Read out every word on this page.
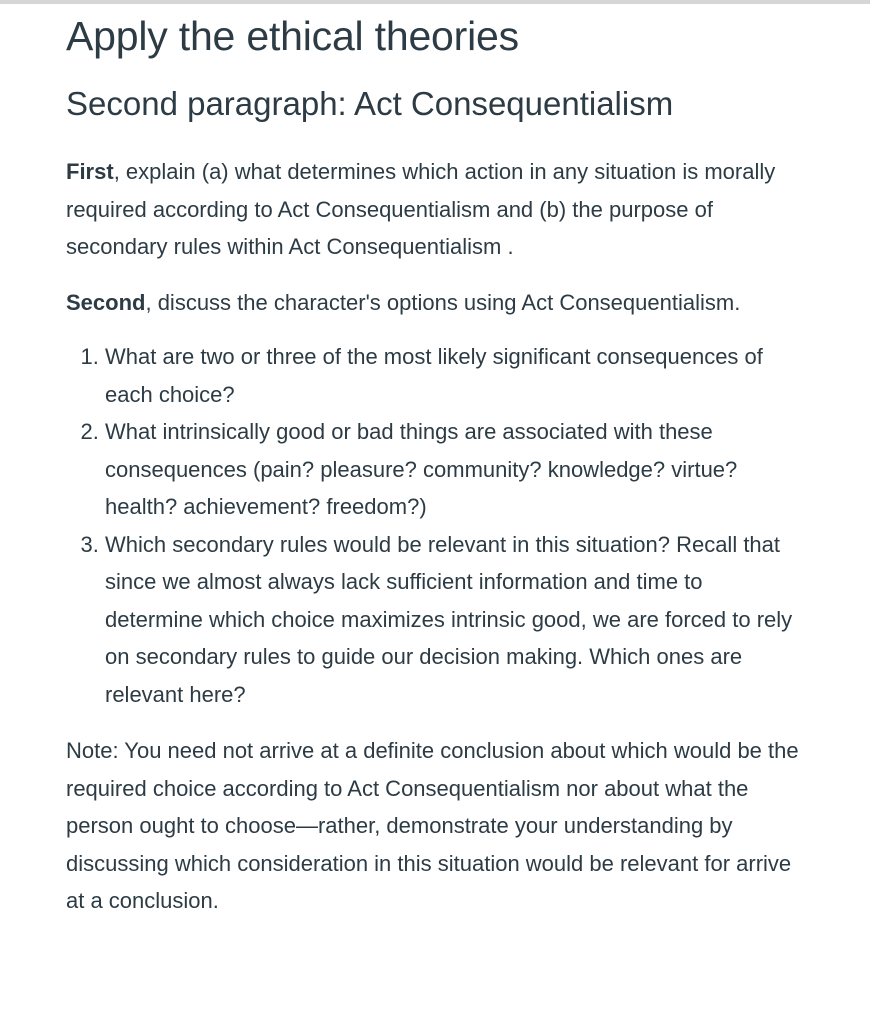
Apply the ethical theories
Second paragraph: Act Consequentialism

First, explain (a) what determines which action in any situation is morally required according to Act Consequentialism and (b) the purpose of secondary rules within Act Consequentialism .

Second, discuss the character's options using Act Consequentialism.

1. What are two or three of the most likely significant consequences of each choice?
2. What intrinsically good or bad things are associated with these consequences (pain? pleasure? community? knowledge? virtue? health? achievement? freedom?)
3. Which secondary rules would be relevant in this situation? Recall that since we almost always lack sufficient information and time to determine which choice maximizes intrinsic good, we are forced to rely on secondary rules to guide our decision making. Which ones are relevant here?

Note: You need not arrive at a definite conclusion about which would be the required choice according to Act Consequentialism nor about what the person ought to choose—rather, demonstrate your understanding by discussing which consideration in this situation would be relevant for arrive at a conclusion.
